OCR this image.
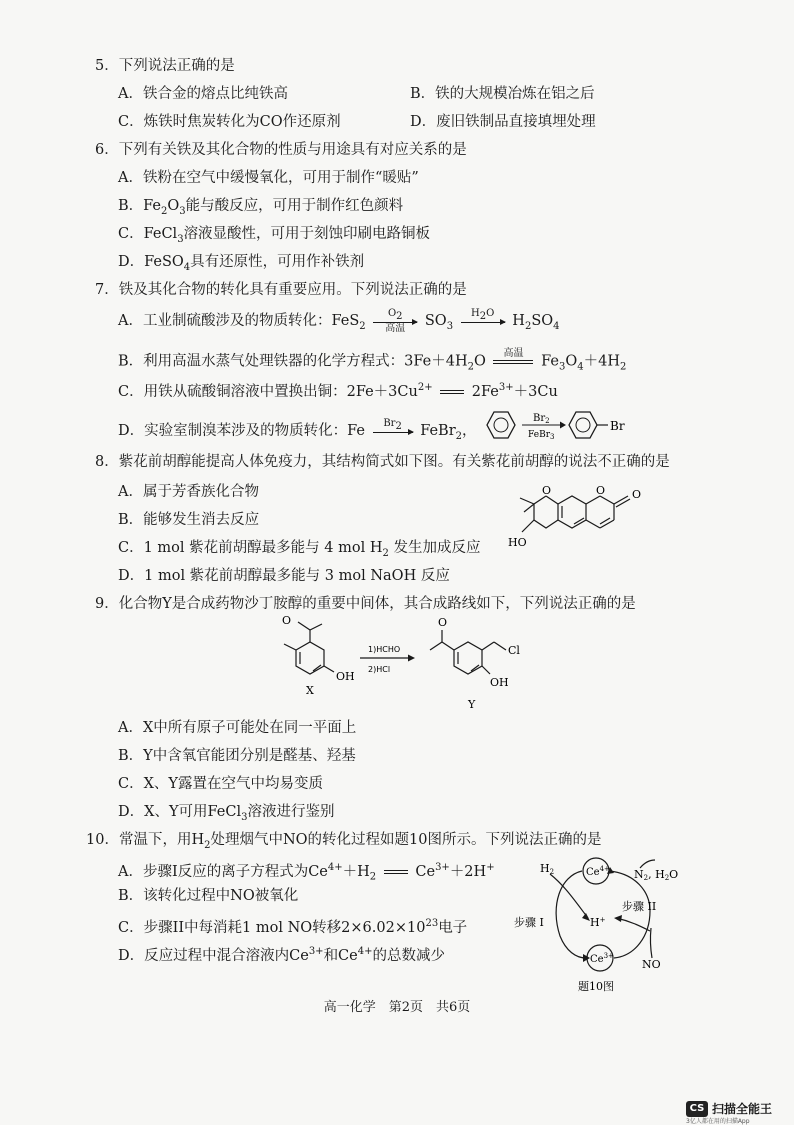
5．下列说法正确的是
A．铁合金的熔点比纯铁高	B．铁的大规模冶炼在铝之后
C．炼铁时焦炭转化为CO作还原剂	D．废旧铁制品直接填埋处理
6．下列有关铁及其化合物的性质与用途具有对应关系的是
A．铁粉在空气中缓慢氧化，可用于制作“暖贴”
B．$Fe_2O_3$能与酸反应，可用于制作红色颜料
C．FeCl$_3$溶液显酸性，可用于刻蚀印刷电路铜板
D．FeSO$_4$具有还原性，可用作补铁剂
7．铁及其化合物的转化具有重要应用。下列说法正确的是
A．工业制硫酸涉及的物质转化：FeS$_2$
$O_2$
高温	$SO_3$
$H_2O$
	$H_2SO_4$
B．利用高温水蒸气处理铁器的化学方程式：$3Fe+4H_2O$	高温
	$Fe_3O_4+4H_2$
C．用铁从硫酸铜溶液中置换出铜：$2Fe+3Cu^{2+}$	$2Fe^{3+}+3Cu$
D．实验室制溴苯涉及的物质转化：Fe	$Br_2$
	FeBr$_2$，
$Br_2$
FeBr$_3$
Br
8．紫花前胡醇能提高人体免疫力，其结构简式如下图。有关紫花前胡醇的说法不正确的是
A．属于芳香族化合物
B．能够发生消去反应
C．1 mol 紫花前胡醇最多能与 4 mol $H_2$ 发生加成反应
D．1 mol 紫花前胡醇最多能与 3 mol NaOH 反应
O	O O
HO
9．化合物Y是合成药物沙丁胺醇的重要中间体，其合成路线如下，下列说法正确的是
O
OH
X
1)HCHO
2)HCl
O
Cl
OH
Y
A．X中所有原子可能处在同一平面上
B．Y中含氧官能团分别是醛基、羟基
C．X、Y露置在空气中均易变质
D．X、Y可用FeCl$_3$溶液进行鉴别
10．常温下，用$H_2$处理烟气中NO的转化过程如题10图所示。下列说法正确的是
A．步骤I反应的离子方程式为$Ce^{4+}+H_2$	$Ce^{3+}+2H^+$
B．该转化过程中NO被氧化
C．步骤II中每消耗1 mol NO转移$2\times 6.02\times 10^{23}$电子
D．反应过程中混合溶液内$Ce^{3+}$和$Ce^{4+}$的总数减少
$Ce^{4+}$
$Ce^{3+}$
H2
H+
N2, H2O
步骤 I
步骤 II
NO
题10图
高一化学　第2页　共6页
CS 扫描全能王
3亿人都在用的扫描App
